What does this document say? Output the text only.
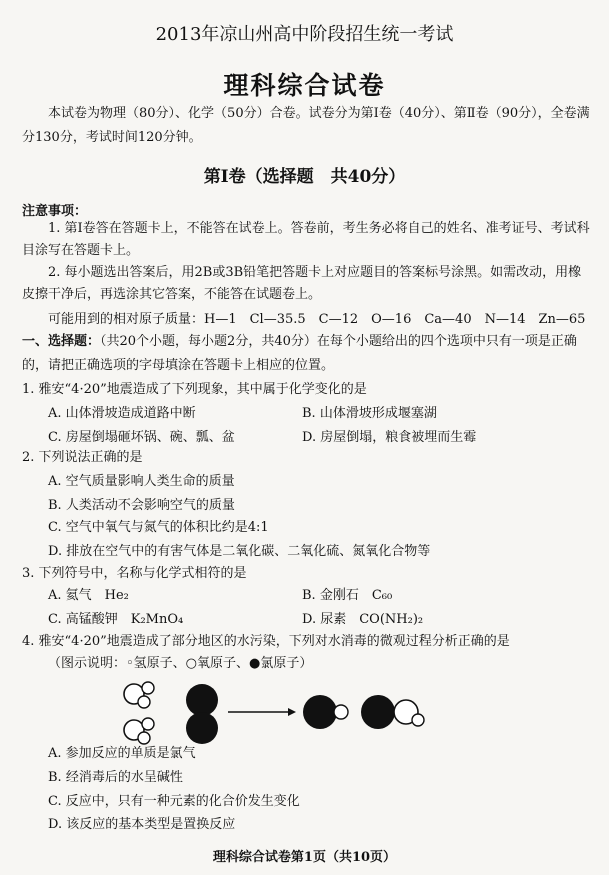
2013年凉山州高中阶段招生统一考试
理科综合试卷
本试卷为物理（80分）、化学（50分）合卷。试卷分为第Ⅰ卷（40分）、第Ⅱ卷（90分），全卷满分130分，考试时间120分钟。
第Ⅰ卷（选择题　共40分）
注意事项：
1. 第Ⅰ卷答在答题卡上，不能答在试卷上。答卷前，考生务必将自己的姓名、准考证号、考试科目涂写在答题卡上。
2. 每小题选出答案后，用2B或3B铅笔把答题卡上对应题目的答案标号涂黑。如需改动，用橡皮擦干净后，再选涂其它答案，不能答在试题卷上。
可能用到的相对原子质量：H—1　Cl—35.5　C—12　O—16　Ca—40　N—14　Zn—65
一、选择题：（共20个小题，每小题2分，共40分）在每个小题给出的四个选项中只有一项是正确的，请把正确选项的字母填涂在答题卡上相应的位置。
1. 雅安“4·20”地震造成了下列现象，其中属于化学变化的是
A. 山体滑坡造成道路中断	B. 山体滑坡形成堰塞湖
C. 房屋倒塌砸坏锅、碗、瓢、盆	D. 房屋倒塌，粮食被埋而生霉
2. 下列说法正确的是
A. 空气质量影响人类生命的质量
B. 人类活动不会影响空气的质量
C. 空气中氧气与氮气的体积比约是4:1
D. 排放在空气中的有害气体是二氧化碳、二氧化硫、氮氧化合物等
3. 下列符号中，名称与化学式相符的是
A. 氦气　He₂	B. 金刚石　C₆₀
C. 高锰酸钾　K₂MnO₄	D. 尿素　CO(NH₂)₂
4. 雅安“4·20”地震造成了部分地区的水污染，下列对水消毒的微观过程分析正确的是
（图示说明：◦氢原子、○氧原子、●氯原子）
A. 参加反应的单质是氯气
B. 经消毒后的水呈碱性
C. 反应中，只有一种元素的化合价发生变化
D. 该反应的基本类型是置换反应
理科综合试卷第1页（共10页）
